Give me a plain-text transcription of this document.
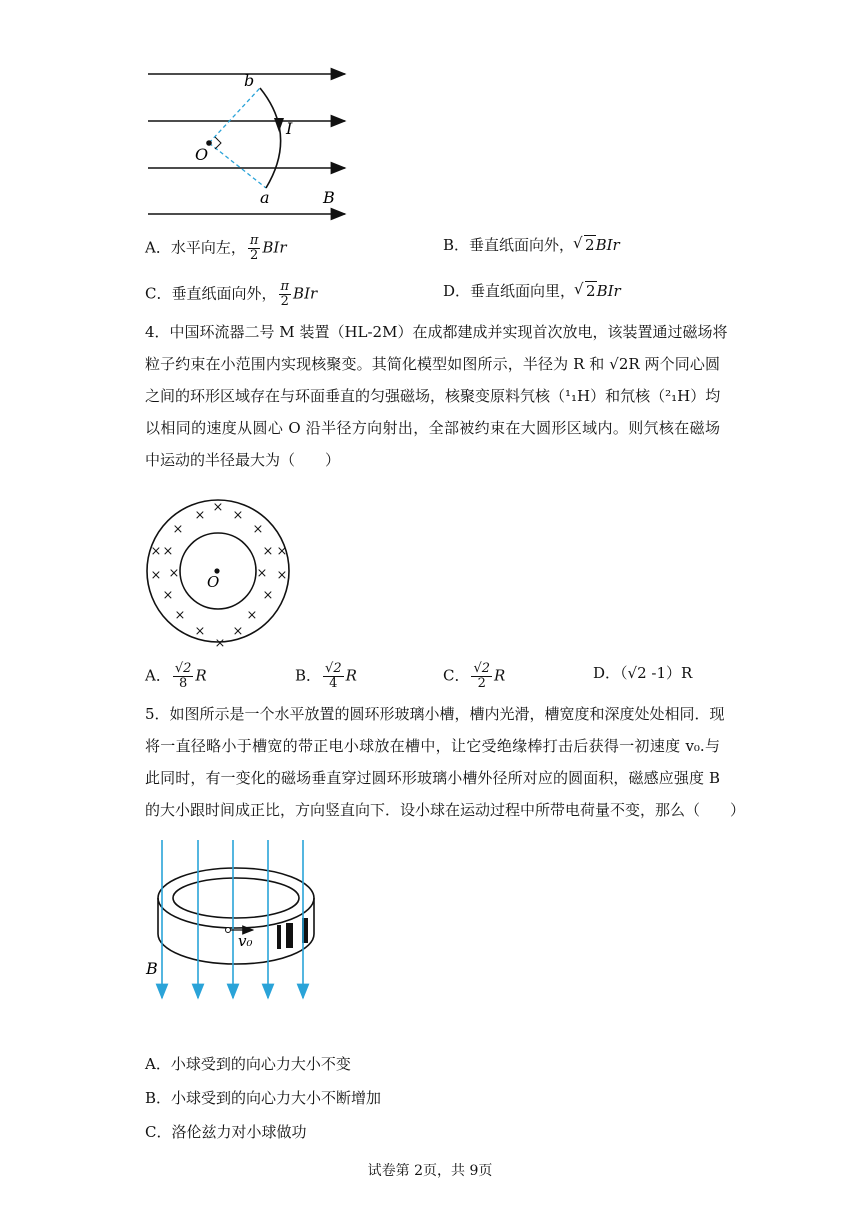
b
I
O
a	B
A．水平向左， $\frac{\pi}{2}$ BIr	B．垂直纸面向外， √ 2BIr
C．垂直纸面向外， $\frac{\pi}{2}$ BIr	D．垂直纸面向里， √ 2BIr
4．中国环流器二号 M 装置（HL-2M）在成都建成并实现首次放电，该装置通过磁场将
粒子约束在小范围内实现核聚变。其简化模型如图所示，半径为 R 和 √2R 两个同心圆
之间的环形区域存在与环面垂直的匀强磁场，核聚变原料氕核（¹₁H）和氘核（²₁H）均
以相同的速度从圆心 O 沿半径方向射出，全部被约束在大圆形区域内。则氕核在磁场
中运动的半径最大为（　　）
O
×
× ×
×	×
×	×
×	×
×	×
×	×
×	×
× ×
×
×	×
A． $\frac{√2}{8}$ R	B． $\frac{√2}{4}$ R	C． $\frac{√2}{2}$ R	D．（√2 -1）R
5．如图所示是一个水平放置的圆环形玻璃小槽，槽内光滑，槽宽度和深度处处相同．现
将一直径略小于槽宽的带正电小球放在槽中，让它受绝缘棒打击后获得一初速度 v₀.与
此同时，有一变化的磁场垂直穿过圆环形玻璃小槽外径所对应的圆面积，磁感应强度 B
的大小跟时间成正比，方向竖直向下．设小球在运动过程中所带电荷量不变，那么（　　）
v₀
B
A．小球受到的向心力大小不变
B．小球受到的向心力大小不断增加
C．洛伦兹力对小球做功
试卷第 2页，共 9页
